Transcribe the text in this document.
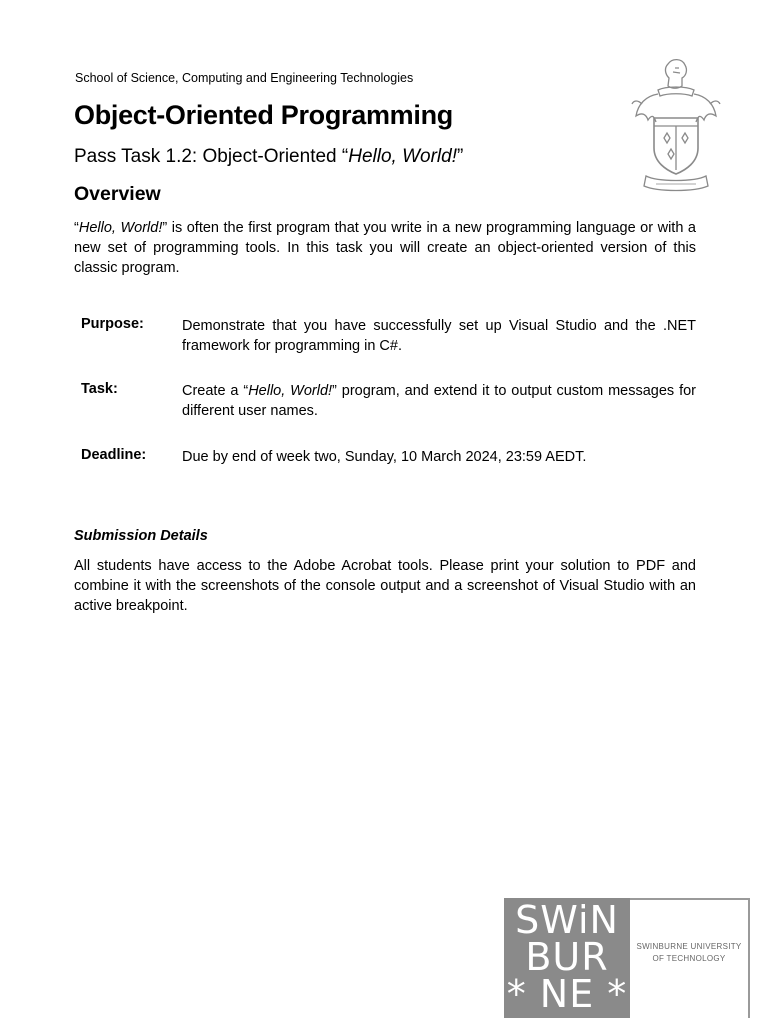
School of Science, Computing and Engineering Technologies
Object-Oriented Programming
Pass Task 1.2: Object-Oriented “Hello, World!”
Overview
“Hello, World!” is often the first program that you write in a new programming language or with a new set of programming tools. In this task you will create an object-oriented version of this classic program.
Purpose:	Demonstrate that you have successfully set up Visual Studio and the .NET framework for programming in C#.
Task:	Create a “Hello, World!” program, and extend it to output custom messages for different user names.
Deadline: Due by end of week two, Sunday, 10 March 2024, 23:59 AEDT.
Submission Details
All students have access to the Adobe Acrobat tools. Please print your solution to PDF and combine it with the screenshots of the console output and a screenshot of Visual Studio with an active breakpoint.
SWiN
BUR
* NE *
SWINBURNE UNIVERSITY
OF TECHNOLOGY
